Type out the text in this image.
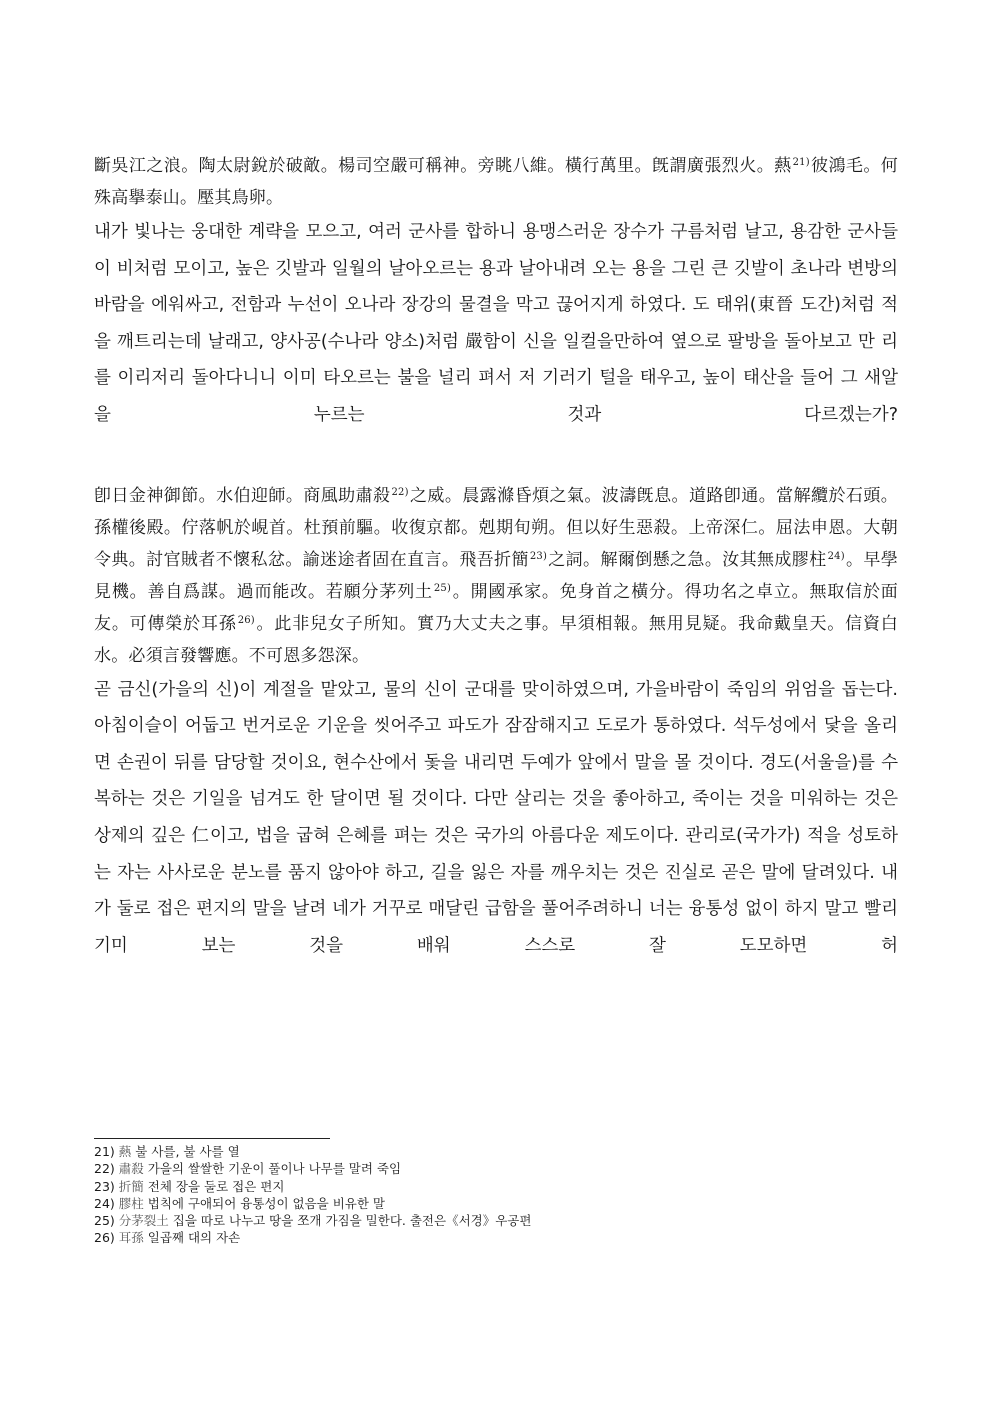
斷吳江之浪。陶太尉銳於破敵。楊司空嚴可稱神。旁眺八維。橫行萬里。旣謂廣張烈火。爇$^{21)}$彼鴻毛。何殊高擧泰山。壓其鳥卵。

내가 빛나는 웅대한 계략을 모으고, 여러 군사를 합하니 용맹스러운 장수가 구름처럼 날고, 용감한 군사들이 비처럼 모이고, 높은 깃발과 일월의 날아오르는 용과 날아내려 오는 용을 그린 큰 깃발이 초나라 변방의 바람을 에워싸고, 전함과 누선이 오나라 장강의 물결을 막고 끊어지게 하였다. 도 태위(東晉 도간)처럼 적을 깨트리는데 날래고, 양사공(수나라 양소)처럼 嚴함이 신을 일컬을만하여 옆으로 팔방을 돌아보고 만 리를 이리저리 돌아다니니 이미 타오르는 불을 널리 펴서 저 기러기 털을 태우고, 높이 태산을 들어 그 새알을 누르는 것과 다르겠는가?

卽日金神御節。水伯迎師。商風助肅殺$^{22)}$之威。晨露滌昏煩之氣。波濤旣息。道路卽通。當解纜於石頭。孫權後殿。佇落帆於峴首。杜預前驅。收復京都。剋期旬朔。但以好生惡殺。上帝深仁。屈法申恩。大朝令典。討官賊者不懷私忿。諭迷途者固在直言。飛吾折簡$^{23)}$之詞。解爾倒懸之急。汝其無成膠柱$^{24)}$。早學見機。善自爲謀。過而能改。若願分茅列土$^{25)}$。開國承家。免身首之橫分。得功名之卓立。無取信於面友。可傳榮於耳孫$^{26)}$。此非兒女子所知。實乃大丈夫之事。早須相報。無用見疑。我命戴皇天。信資白水。必須言發響應。不可恩多怨深。

곧 금신(가을의 신)이 계절을 맡았고, 물의 신이 군대를 맞이하였으며, 가을바람이 죽임의 위엄을 돕는다. 아침이슬이 어둡고 번거로운 기운을 씻어주고 파도가 잠잠해지고 도로가 통하였다. 석두성에서 닻을 올리면 손권이 뒤를 담당할 것이요, 현수산에서 돛을 내리면 두예가 앞에서 말을 몰 것이다. 경도(서울을)를 수복하는 것은 기일을 넘겨도 한 달이면 될 것이다. 다만 살리는 것을 좋아하고, 죽이는 것을 미워하는 것은 상제의 깊은 仁이고, 법을 굽혀 은혜를 펴는 것은 국가의 아름다운 제도이다. 관리로(국가가) 적을 성토하는 자는 사사로운 분노를 품지 않아야 하고, 길을 잃은 자를 깨우치는 것은 진실로 곧은 말에 달려있다. 내가 둘로 접은 편지의 말을 날려 네가 거꾸로 매달린 급함을 풀어주려하니 너는 융통성 없이 하지 말고 빨리 기미 보는 것을 배워 스스로 잘 도모하면 허

21) 爇 불 사를, 불 사를 열

22) 肅殺 가을의 쌀쌀한 기운이 풀이나 나무를 말려 죽임

23) 折簡 전체 장을 둘로 접은 편지

24) 膠柱 법칙에 구애되어 융통성이 없음을 비유한 말

25) 分茅裂土 집을 따로 나누고 땅을 쪼개 가짐을 밀한다. 출전은《서경》우공편

26) 耳孫 일곱째 대의 자손
